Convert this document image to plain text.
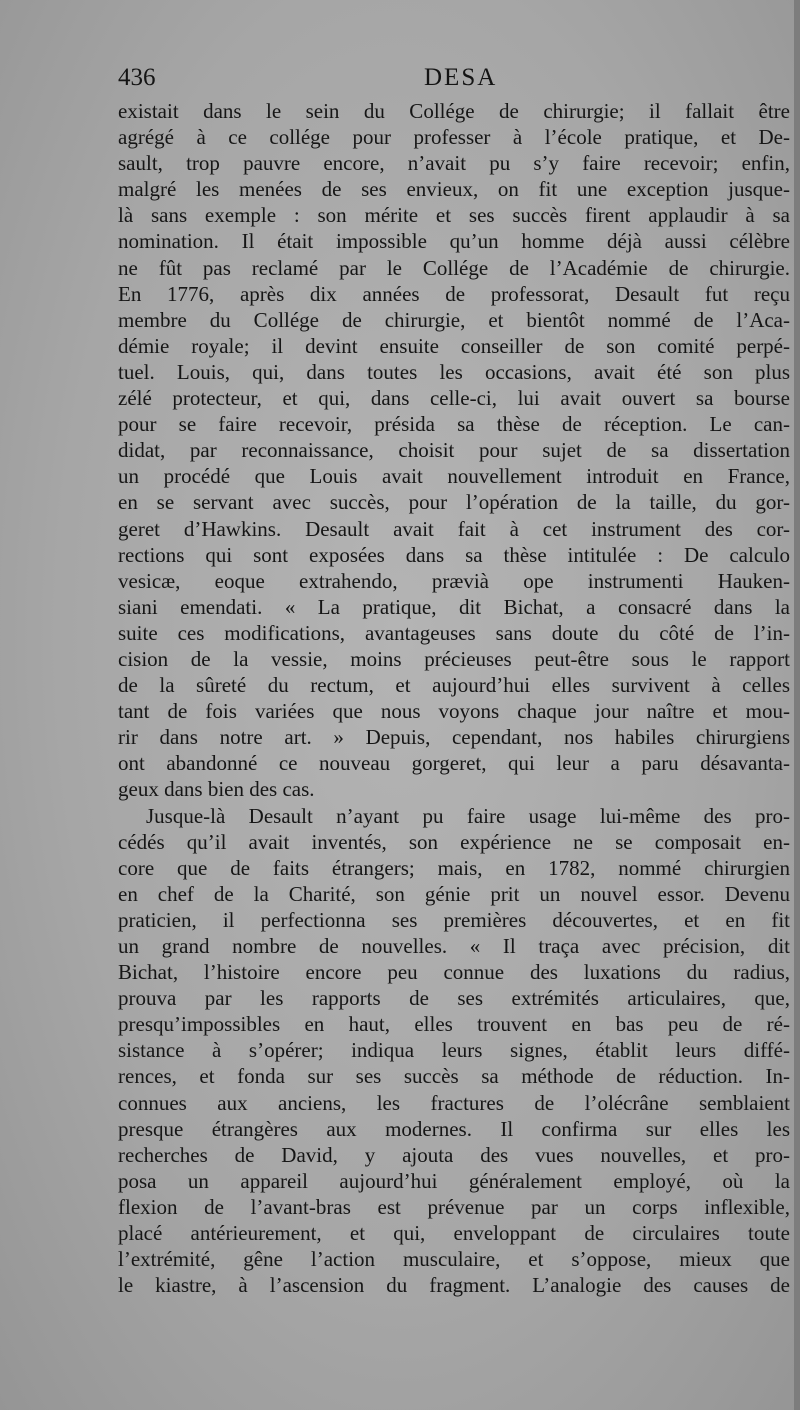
436	DESA
existait dans le sein du Collége de chirurgie; il fallait être
agrégé à ce collége pour professer à l’école pratique, et De-
sault, trop pauvre encore, n’avait pu s’y faire recevoir; enfin,
malgré les menées de ses envieux, on fit une exception jusque-
là sans exemple : son mérite et ses succès firent applaudir à sa
nomination. Il était impossible qu’un homme déjà aussi célèbre
ne fût pas reclamé par le Collége de l’Académie de chirurgie.
En 1776, après dix années de professorat, Desault fut reçu
membre du Collége de chirurgie, et bientôt nommé de l’Aca-
démie royale; il devint ensuite conseiller de son comité perpé-
tuel. Louis, qui, dans toutes les occasions, avait été son plus
zélé protecteur, et qui, dans celle-ci, lui avait ouvert sa bourse
pour se faire recevoir, présida sa thèse de réception. Le can-
didat, par reconnaissance, choisit pour sujet de sa dissertation
un procédé que Louis avait nouvellement introduit en France,
en se servant avec succès, pour l’opération de la taille, du gor-
geret d’Hawkins. Desault avait fait à cet instrument des cor-
rections qui sont exposées dans sa thèse intitulée : De calculo
vesicæ, eoque extrahendo, prævià ope instrumenti Hauken-
siani emendati. « La pratique, dit Bichat, a consacré dans la
suite ces modifications, avantageuses sans doute du côté de l’in-
cision de la vessie, moins précieuses peut-être sous le rapport
de la sûreté du rectum, et aujourd’hui elles survivent à celles
tant de fois variées que nous voyons chaque jour naître et mou-
rir dans notre art. » Depuis, cependant, nos habiles chirurgiens
ont abandonné ce nouveau gorgeret, qui leur a paru désavanta-
geux dans bien des cas.
Jusque-là Desault n’ayant pu faire usage lui-même des pro-
cédés qu’il avait inventés, son expérience ne se composait en-
core que de faits étrangers; mais, en 1782, nommé chirurgien
en chef de la Charité, son génie prit un nouvel essor. Devenu
praticien, il perfectionna ses premières découvertes, et en fit
un grand nombre de nouvelles. « Il traça avec précision, dit
Bichat, l’histoire encore peu connue des luxations du radius,
prouva par les rapports de ses extrémités articulaires, que,
presqu’impossibles en haut, elles trouvent en bas peu de ré-
sistance à s’opérer; indiqua leurs signes, établit leurs diffé-
rences, et fonda sur ses succès sa méthode de réduction. In-
connues aux anciens, les fractures de l’olécrâne semblaient
presque étrangères aux modernes. Il confirma sur elles les
recherches de David, y ajouta des vues nouvelles, et pro-
posa un appareil aujourd’hui généralement employé, où la
flexion de l’avant-bras est prévenue par un corps inflexible,
placé antérieurement, et qui, enveloppant de circulaires toute
l’extrémité, gêne l’action musculaire, et s’oppose, mieux que
le kiastre, à l’ascension du fragment. L’analogie des causes de
